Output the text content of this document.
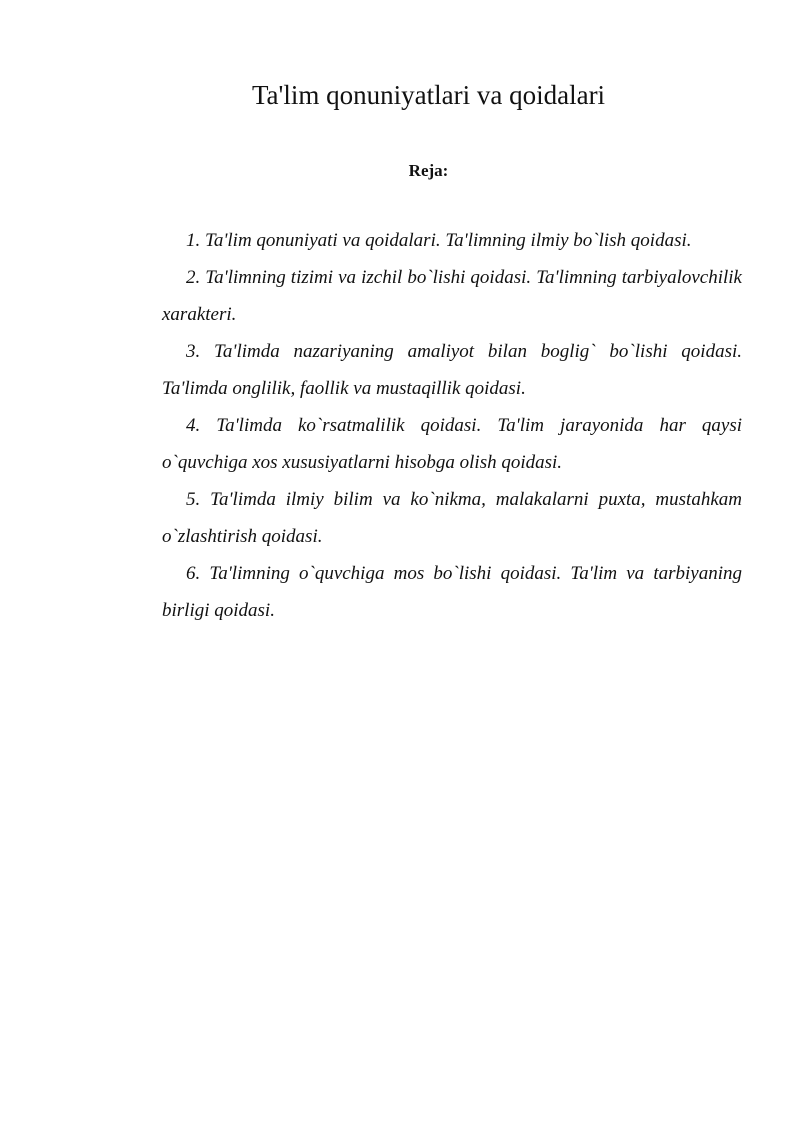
Ta'lim qonuniyatlari va qoidalari
Reja:
1. Ta'lim qonuniyati va qoidalari. Ta'limning ilmiy bo`lish qoidasi.
2. Ta'limning tizimi va izchil bo`lishi qoidasi. Ta'limning tarbiyalovchilik xarakteri.
3. Ta'limda nazariyaning amaliyot bilan boglig` bo`lishi qoidasi. Ta'limda onglilik, faollik va mustaqillik qoidasi.
4. Ta'limda ko`rsatmalilik qoidasi. Ta'lim jarayonida har qaysi o`quvchiga xos xususiyatlarni hisobga olish qoidasi.
5. Ta'limda ilmiy bilim va ko`nikma, malakalarni puxta, mustahkam o`zlashtirish qoidasi.
6. Ta'limning o`quvchiga mos bo`lishi qoidasi. Ta'lim va tarbiyaning birligi qoidasi.
